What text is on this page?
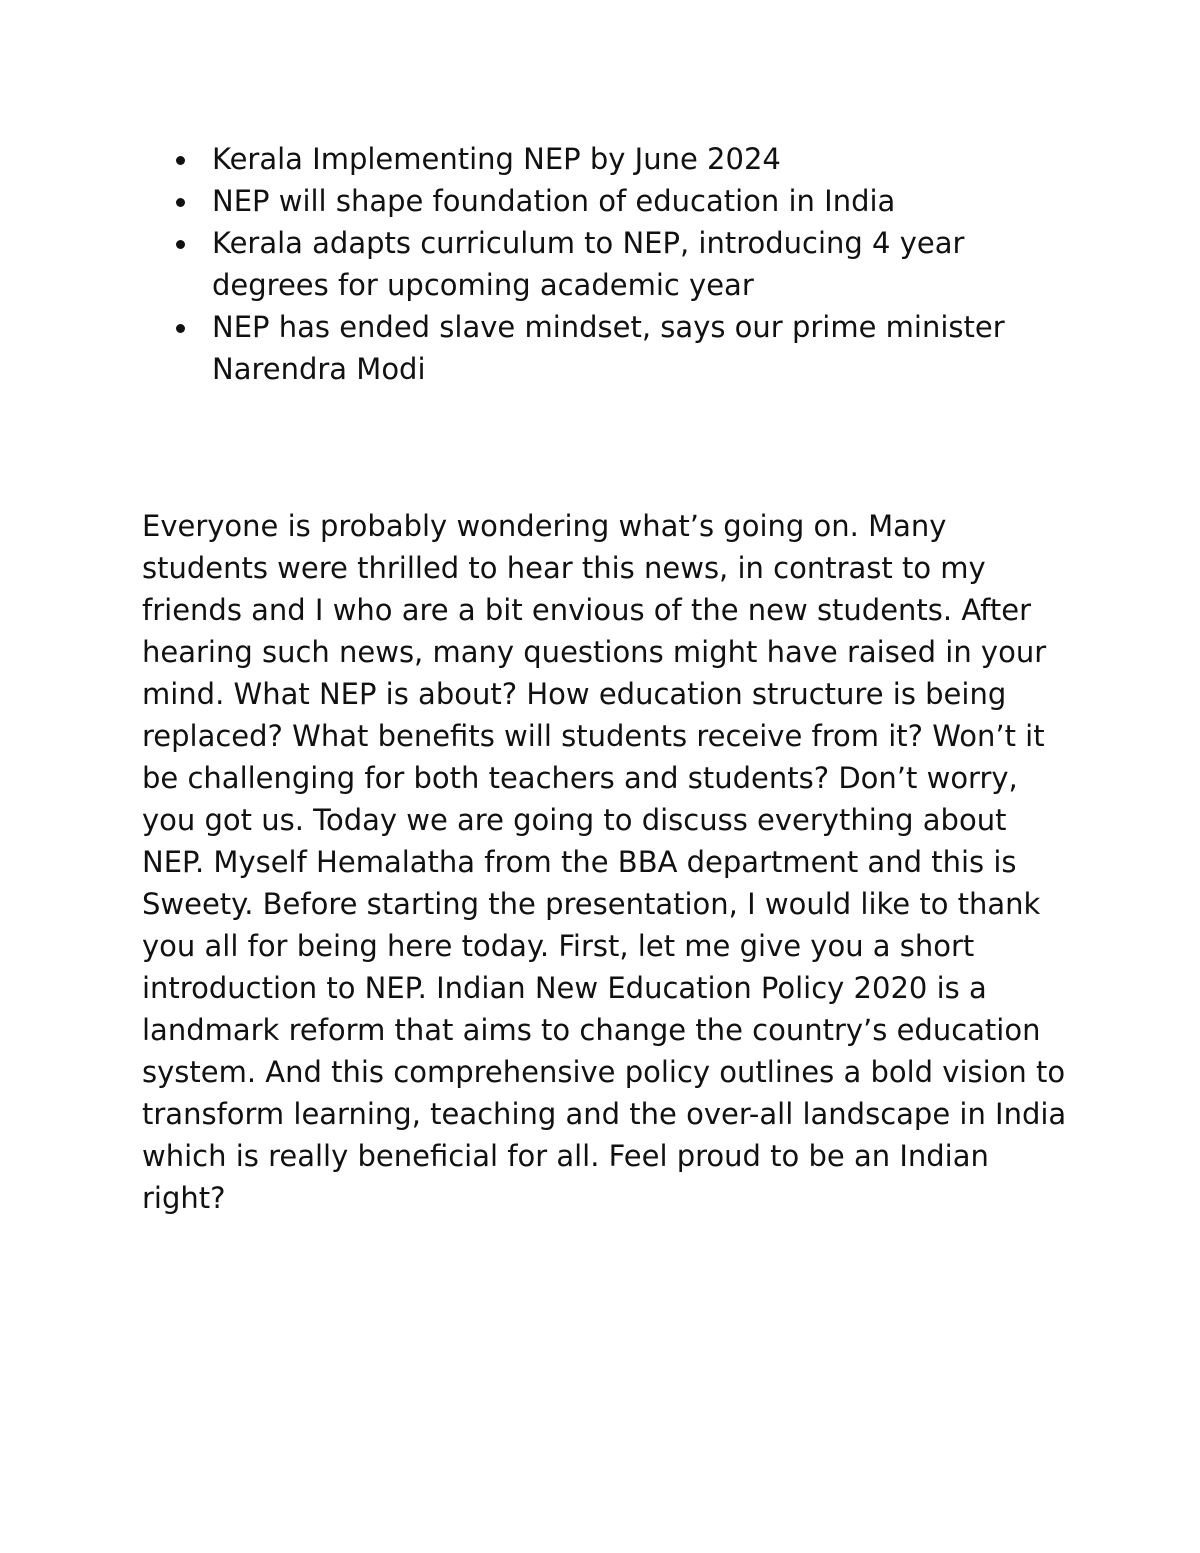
Kerala Implementing NEP by June 2024
NEP will shape foundation of education in India
Kerala adapts curriculum to NEP, introducing 4 year degrees for upcoming academic year
NEP has ended slave mindset, says our prime minister Narendra Modi

Everyone is probably wondering what’s going on. Many students were thrilled to hear this news, in contrast to my friends and I who are a bit envious of the new students. After hearing such news, many questions might have raised in your mind. What NEP is about? How education structure is being replaced? What benefits will students receive from it? Won’t it be challenging for both teachers and students? Don’t worry, you got us. Today we are going to discuss everything about NEP. Myself Hemalatha from the BBA department and this is Sweety. Before starting the presentation, I would like to thank you all for being here today. First, let me give you a short introduction to NEP. Indian New Education Policy 2020 is a landmark reform that aims to change the country’s education system. And this comprehensive policy outlines a bold vision to transform learning, teaching and the over-all landscape in India which is really beneficial for all. Feel proud to be an Indian right?
